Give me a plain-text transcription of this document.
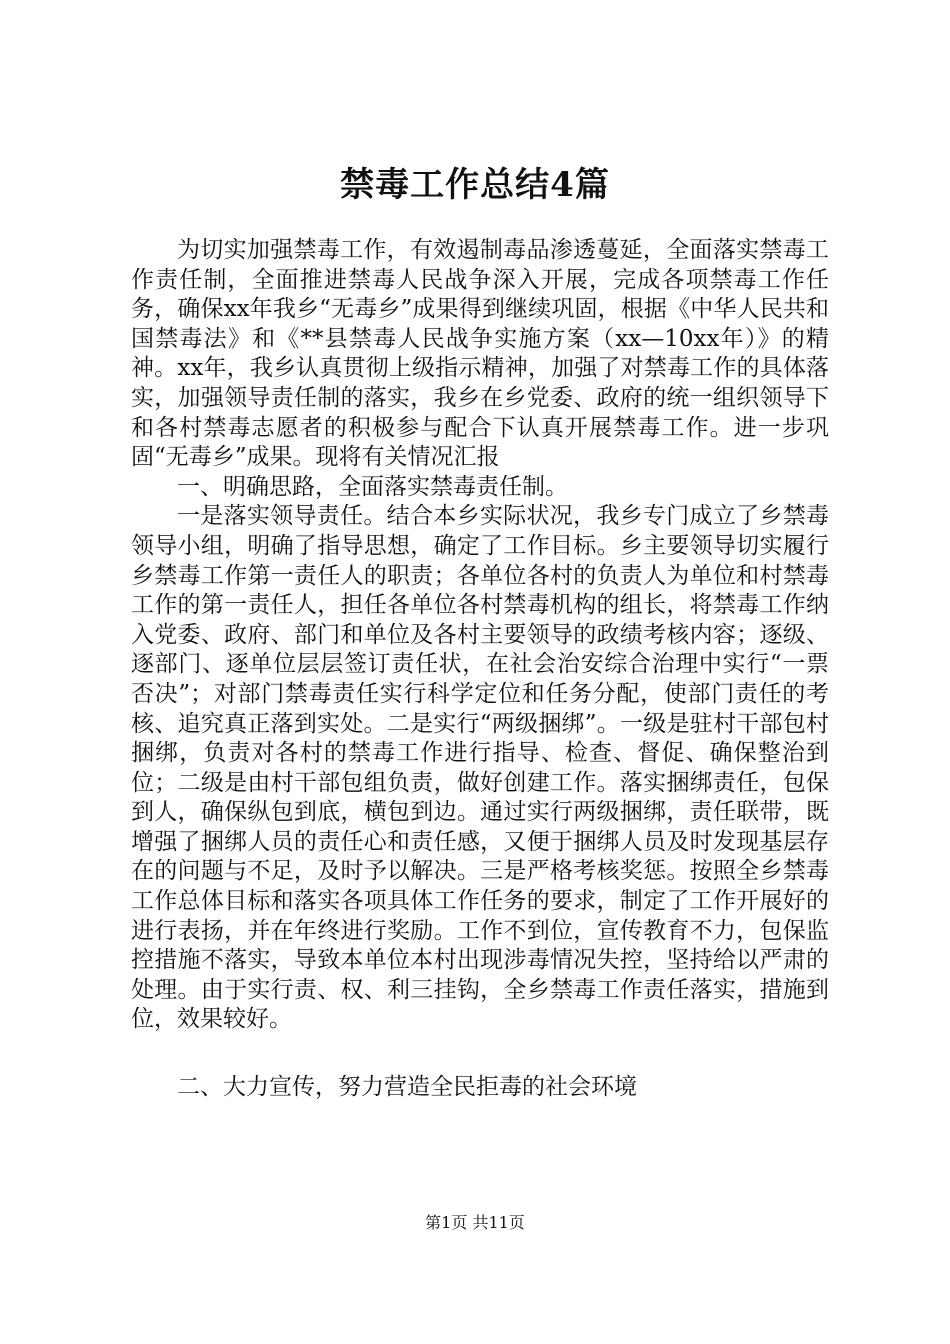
禁毒工作总结4篇

为切实加强禁毒工作，有效遏制毒品渗透蔓延，全面落实禁毒工作责任制，全面推进禁毒人民战争深入开展，完成各项禁毒工作任务，确保xx年我乡“无毒乡”成果得到继续巩固，根据《中华人民共和国禁毒法》和《**县禁毒人民战争实施方案（xx—10xx年）》的精神。xx年，我乡认真贯彻上级指示精神，加强了对禁毒工作的具体落实，加强领导责任制的落实，我乡在乡党委、政府的统一组织领导下和各村禁毒志愿者的积极参与配合下认真开展禁毒工作。进一步巩固“无毒乡”成果。现将有关情况汇报

一、明确思路，全面落实禁毒责任制。

一是落实领导责任。结合本乡实际状况，我乡专门成立了乡禁毒领导小组，明确了指导思想，确定了工作目标。乡主要领导切实履行乡禁毒工作第一责任人的职责；各单位各村的负责人为单位和村禁毒工作的第一责任人，担任各单位各村禁毒机构的组长，将禁毒工作纳入党委、政府、部门和单位及各村主要领导的政绩考核内容；逐级、逐部门、逐单位层层签订责任状，在社会治安综合治理中实行“一票否决”；对部门禁毒责任实行科学定位和任务分配，使部门责任的考核、追究真正落到实处。二是实行“两级捆绑”。一级是驻村干部包村捆绑，负责对各村的禁毒工作进行指导、检查、督促、确保整治到位；二级是由村干部包组负责，做好创建工作。落实捆绑责任，包保到人，确保纵包到底，横包到边。通过实行两级捆绑，责任联带，既增强了捆绑人员的责任心和责任感，又便于捆绑人员及时发现基层存在的问题与不足，及时予以解决。三是严格考核奖惩。按照全乡禁毒工作总体目标和落实各项具体工作任务的要求，制定了工作开展好的进行表扬，并在年终进行奖励。工作不到位，宣传教育不力，包保监控措施不落实，导致本单位本村出现涉毒情况失控，坚持给以严肃的处理。由于实行责、权、利三挂钩，全乡禁毒工作责任落实，措施到位，效果较好。

二、大力宣传，努力营造全民拒毒的社会环境

第1页 共11页
